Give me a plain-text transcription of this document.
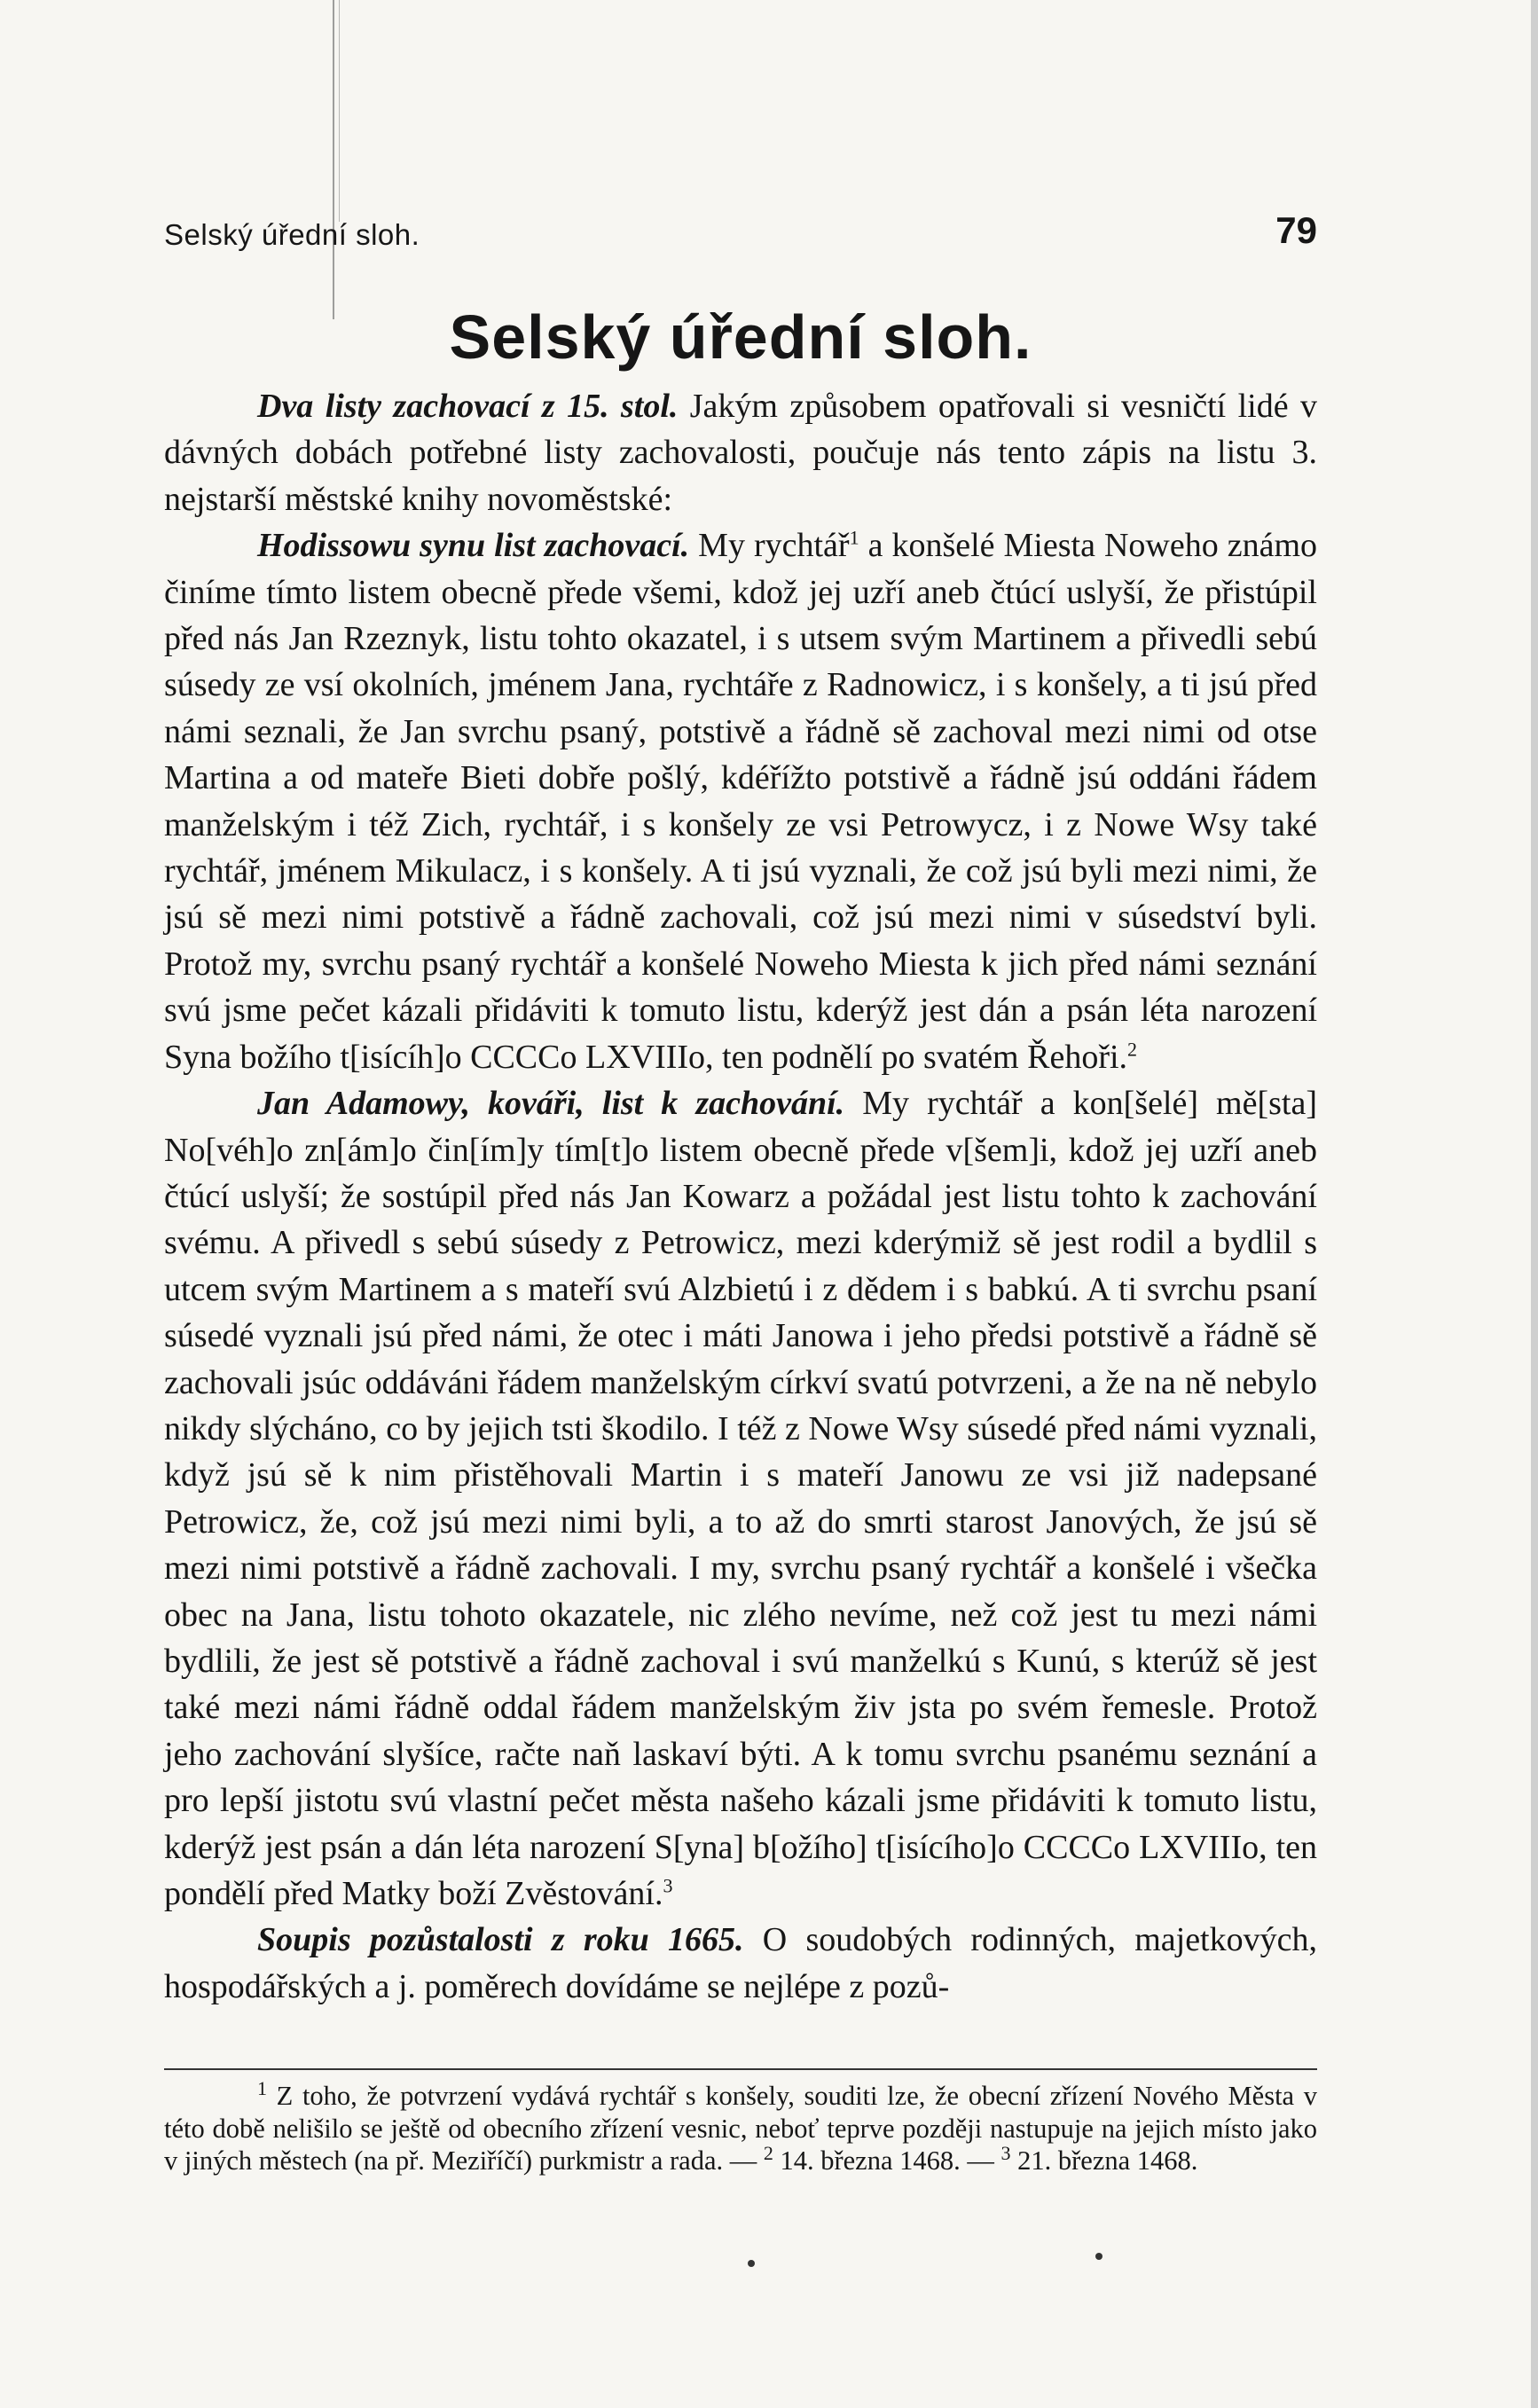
Selský úřední sloh.	79
Selský úřední sloh.

Dva listy zachovací z 15. stol. Jakým způsobem opatřovali si vesničtí lidé v dávných dobách potřebné listy zachovalosti, poučuje nás tento zápis na listu 3. nejstarší městské knihy novoměstské:

Hodissowu synu list zachovací. My rychtář$^1$ a konšelé Miesta Noweho známo činíme tímto listem obecně přede všemi, kdož jej uzří aneb čtúcí uslyší, že přistúpil před nás Jan Rzeznyk, listu tohto okazatel, i s utsem svým Martinem a přivedli sebú súsedy ze vsí okolních, jménem Jana, rychtáře z Radnowicz, i s konšely, a ti jsú před námi seznali, že Jan svrchu psaný, potstivě a řádně sě zachoval mezi nimi od otse Martina a od mateře Bieti dobře pošlý, kdéřížto potstivě a řádně jsú oddáni řádem manželským i též Zich, rychtář, i s konšely ze vsi Petrowycz, i z Nowe Wsy také rychtář, jménem Mikulacz, i s konšely. A ti jsú vyznali, že což jsú byli mezi nimi, že jsú sě mezi nimi potstivě a řádně zachovali, což jsú mezi nimi v súsedství byli. Protož my, svrchu psaný rychtář a konšelé Noweho Miesta k jich před námi seznání svú jsme pečet kázali přidáviti k tomuto listu, kderýž jest dán a psán léta narození Syna božího t[isícíh]o CCCCo LXVIIIo, ten podnělí po svatém Řehoři.$^2$

Jan Adamowy, kováři, list k zachování. My rychtář a kon[šelé] mě[sta] No[véh]o zn[ám]o čin[ím]y tím[t]o listem obecně přede v[šem]i, kdož jej uzří aneb čtúcí uslyší; že sostúpil před nás Jan Kowarz a požádal jest listu tohto k zachování svému. A přivedl s sebú súsedy z Petrowicz, mezi kderýmiž sě jest rodil a bydlil s utcem svým Martinem a s mateří svú Alzbietú i z dědem i s babkú. A ti svrchu psaní súsedé vyznali jsú před námi, že otec i máti Janowa i jeho předsi potstivě a řádně sě zachovali jsúc oddáváni řádem manželským církví svatú potvrzeni, a že na ně nebylo nikdy slýcháno, co by jejich tsti škodilo. I též z Nowe Wsy súsedé před námi vyznali, když jsú sě k nim přistěhovali Martin i s mateří Janowu ze vsi již nadepsané Petrowicz, že, což jsú mezi nimi byli, a to až do smrti starost Janových, že jsú sě mezi nimi potstivě a řádně zachovali. I my, svrchu psaný rychtář a konšelé i všečka obec na Jana, listu tohoto okazatele, nic zlého nevíme, než což jest tu mezi námi bydlili, že jest sě potstivě a řádně zachoval i svú manželkú s Kunú, s kterúž sě jest také mezi námi řádně oddal řádem manželským živ jsta po svém řemesle. Protož jeho zachování slyšíce, račte naň laskaví býti. A k tomu svrchu psanému seznání a pro lepší jistotu svú vlastní pečet města našeho kázali jsme přidáviti k tomuto listu, kderýž jest psán a dán léta narození S[yna] b[ožího] t[isícího]o CCCCo LXVIIIo, ten pondělí před Matky boží Zvěstování.$^3$

Soupis pozůstalosti z roku 1665. O soudobých rodinných, majetkových, hospodářských a j. poměrech dovídáme se nejlépe z pozů-

$^1$ Z toho, že potvrzení vydává rychtář s konšely, souditi lze, že obecní zřízení Nového Města v této době nelišilo se ještě od obecního zřízení vesnic, neboť teprve později nastupuje na jejich místo jako v jiných městech (na př. Meziříčí) purkmistr a rada. — $^2$ 14. března 1468. — $^3$ 21. března 1468.
